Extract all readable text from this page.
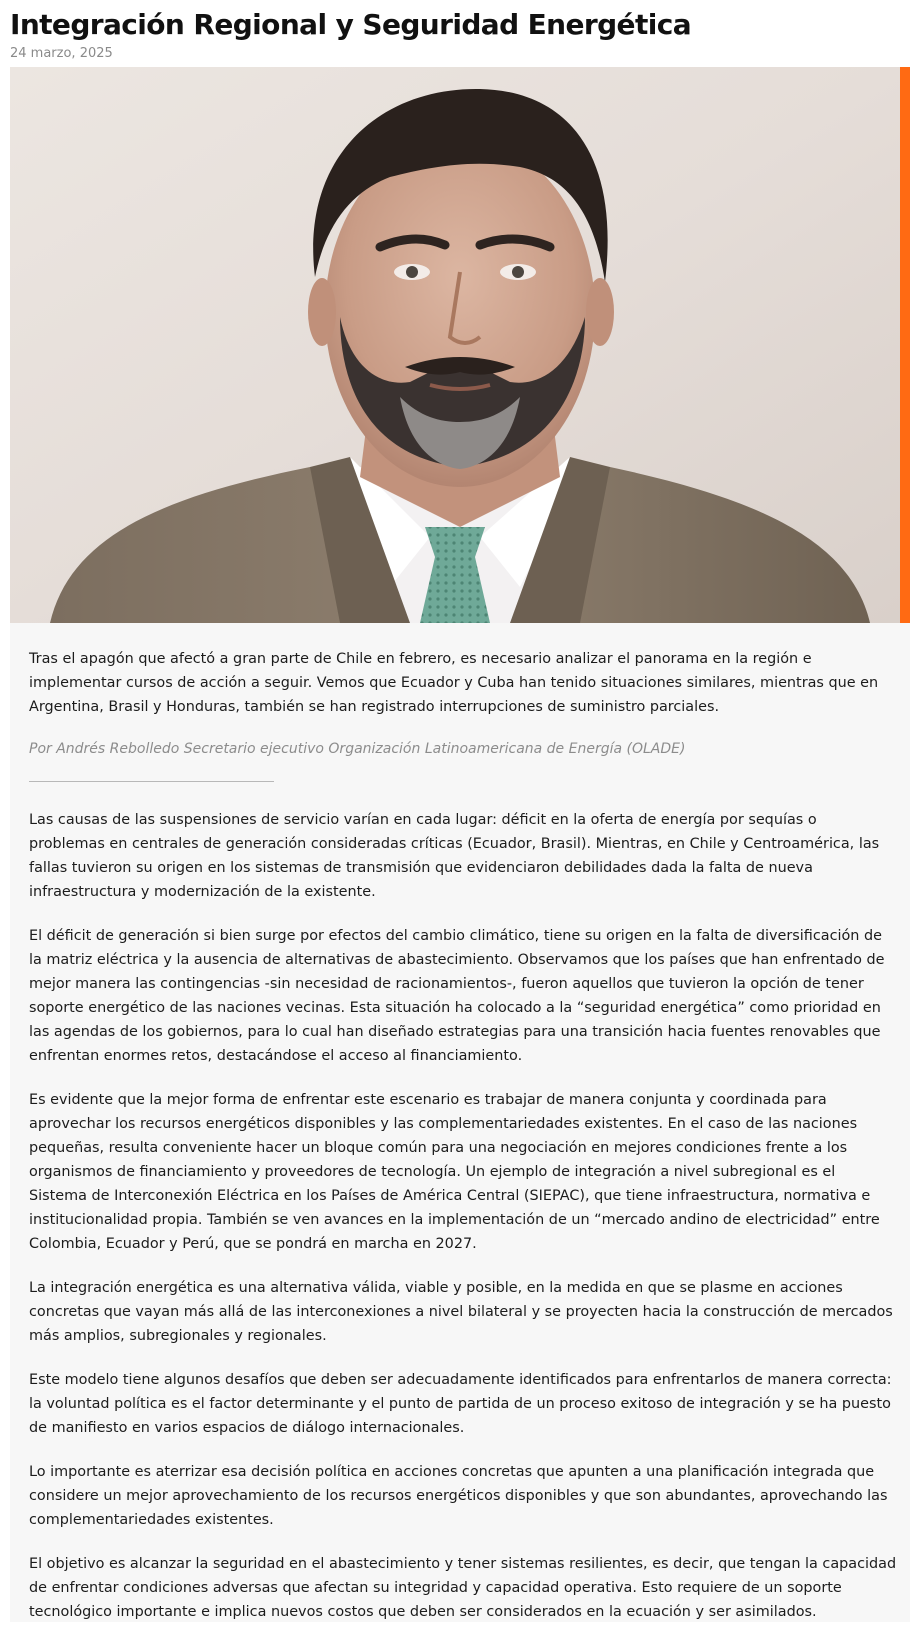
Integración Regional y Seguridad Energética
24 marzo, 2025

Tras el apagón que afectó a gran parte de Chile en febrero, es necesario analizar el panorama en la región e implementar cursos de acción a seguir. Vemos que Ecuador y Cuba han tenido situaciones similares, mientras que en Argentina, Brasil y Honduras, también se han registrado interrupciones de suministro parciales.

Por Andrés Rebolledo Secretario ejecutivo Organización Latinoamericana de Energía (OLADE)

Las causas de las suspensiones de servicio varían en cada lugar: déficit en la oferta de energía por sequías o problemas en centrales de generación consideradas críticas (Ecuador, Brasil). Mientras, en Chile y Centroamérica, las fallas tuvieron su origen en los sistemas de transmisión que evidenciaron debilidades dada la falta de nueva infraestructura y modernización de la existente.

El déficit de generación si bien surge por efectos del cambio climático, tiene su origen en la falta de diversificación de la matriz eléctrica y la ausencia de alternativas de abastecimiento. Observamos que los países que han enfrentado de mejor manera las contingencias -sin necesidad de racionamientos-, fueron aquellos que tuvieron la opción de tener soporte energético de las naciones vecinas. Esta situación ha colocado a la “seguridad energética” como prioridad en las agendas de los gobiernos, para lo cual han diseñado estrategias para una transición hacia fuentes renovables que enfrentan enormes retos, destacándose el acceso al financiamiento.

Es evidente que la mejor forma de enfrentar este escenario es trabajar de manera conjunta y coordinada para aprovechar los recursos energéticos disponibles y las complementariedades existentes. En el caso de las naciones pequeñas, resulta conveniente hacer un bloque común para una negociación en mejores condiciones frente a los organismos de financiamiento y proveedores de tecnología. Un ejemplo de integración a nivel subregional es el Sistema de Interconexión Eléctrica en los Países de América Central (SIEPAC), que tiene infraestructura, normativa e institucionalidad propia. También se ven avances en la implementación de un “mercado andino de electricidad” entre Colombia, Ecuador y Perú, que se pondrá en marcha en 2027.

La integración energética es una alternativa válida, viable y posible, en la medida en que se plasme en acciones concretas que vayan más allá de las interconexiones a nivel bilateral y se proyecten hacia la construcción de mercados más amplios, subregionales y regionales.

Este modelo tiene algunos desafíos que deben ser adecuadamente identificados para enfrentarlos de manera correcta: la voluntad política es el factor determinante y el punto de partida de un proceso exitoso de integración y se ha puesto de manifiesto en varios espacios de diálogo internacionales.

Lo importante es aterrizar esa decisión política en acciones concretas que apunten a una planificación integrada que considere un mejor aprovechamiento de los recursos energéticos disponibles y que son abundantes, aprovechando las complementariedades existentes.

El objetivo es alcanzar la seguridad en el abastecimiento y tener sistemas resilientes, es decir, que tengan la capacidad de enfrentar condiciones adversas que afectan su integridad y capacidad operativa. Esto requiere de un soporte tecnológico importante e implica nuevos costos que deben ser considerados en la ecuación y ser asimilados.
